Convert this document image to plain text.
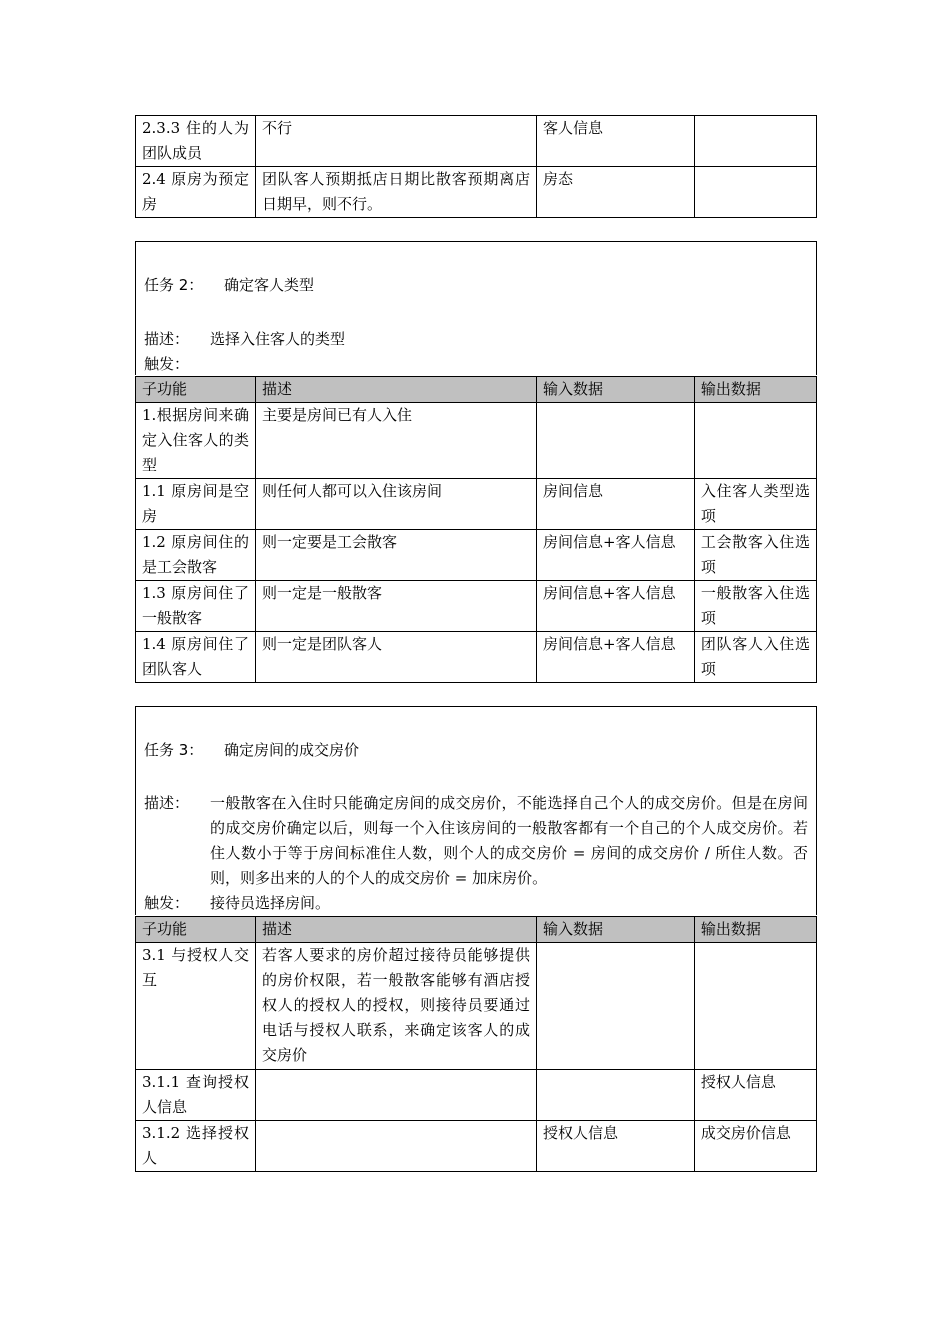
2.3.3 住的人为团队成员	不行	客人信息	
2.4 原房为预定房	团队客人预期抵店日期比散客预期离店日期早，则不行。	房态	
任务 2： 确定客人类型
描述：	选择入住客人的类型
触发：
子功能	描述	输入数据	输出数据
1.根据房间来确定入住客人的类型	主要是房间已有人入住		
1.1 原房间是空房	则任何人都可以入住该房间	房间信息	入住客人类型选项
1.2 原房间住的是工会散客	则一定要是工会散客	房间信息+客人信息	工会散客入住选项
1.3 原房间住了一般散客	则一定是一般散客	房间信息+客人信息	一般散客入住选项
1.4 原房间住了团队客人	则一定是团队客人	房间信息+客人信息	团队客人入住选项
任务 3： 确定房间的成交房价
描述：	一般散客在入住时只能确定房间的成交房价，不能选择自己个人的成交房价。但是在房间的成交房价确定以后，则每一个入住该房间的一般散客都有一个自己的个人成交房价。若住人数小于等于房间标准住人数，则个人的成交房价 = 房间的成交房价 / 所住人数。否则，则多出来的人的个人的成交房价 = 加床房价。
触发：	接待员选择房间。
子功能	描述	输入数据	输出数据
3.1 与授权人交互	若客人要求的房价超过接待员能够提供的房价权限，若一般散客能够有酒店授权人的授权人的授权，则接待员要通过电话与授权人联系，来确定该客人的成交房价		
3.1.1 查询授权人信息			授权人信息
3.1.2 选择授权人		授权人信息	成交房价信息
